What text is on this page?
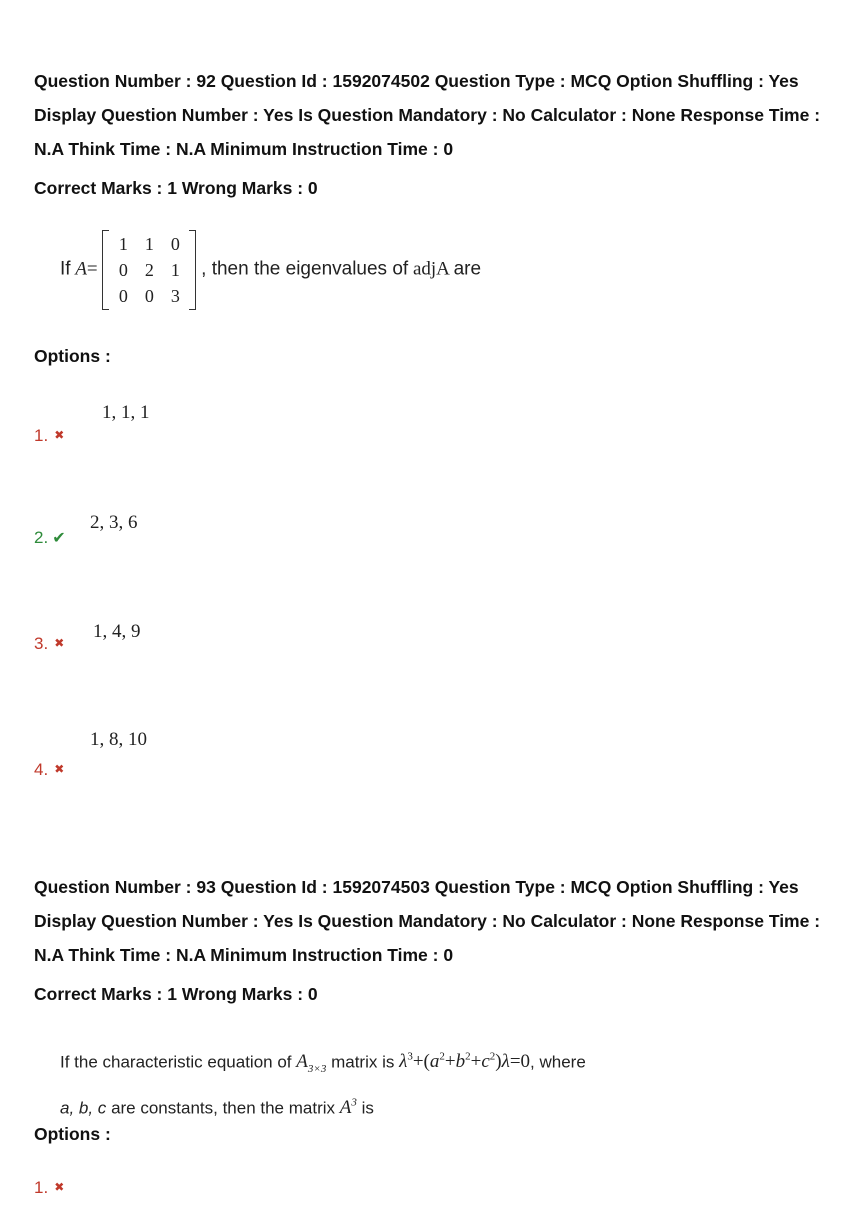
Question Number : 92 Question Id : 1592074502 Question Type : MCQ Option Shuffling : Yes Display Question Number : Yes Is Question Mandatory : No Calculator : None Response Time : N.A Think Time : N.A Minimum Instruction Time : 0
Correct Marks : 1 Wrong Marks : 0
If A=
1	1	0
0	2	1
0	0	3
, then the eigenvalues of adjA are
Options :
1, 1, 1
1. ✖
2, 3, 6
2. ✔
1, 4, 9
3. ✖
1, 8, 10
4. ✖
Question Number : 93 Question Id : 1592074503 Question Type : MCQ Option Shuffling : Yes Display Question Number : Yes Is Question Mandatory : No Calculator : None Response Time : N.A Think Time : N.A Minimum Instruction Time : 0
Correct Marks : 1 Wrong Marks : 0
If the characteristic equation of $A_{3\times 3}$ matrix is $\lambda^3+(a^2+b^2+c^2)\lambda=0$, where
a, b, c are constants, then the matrix $A^3$ is
Options :
1. ✖
